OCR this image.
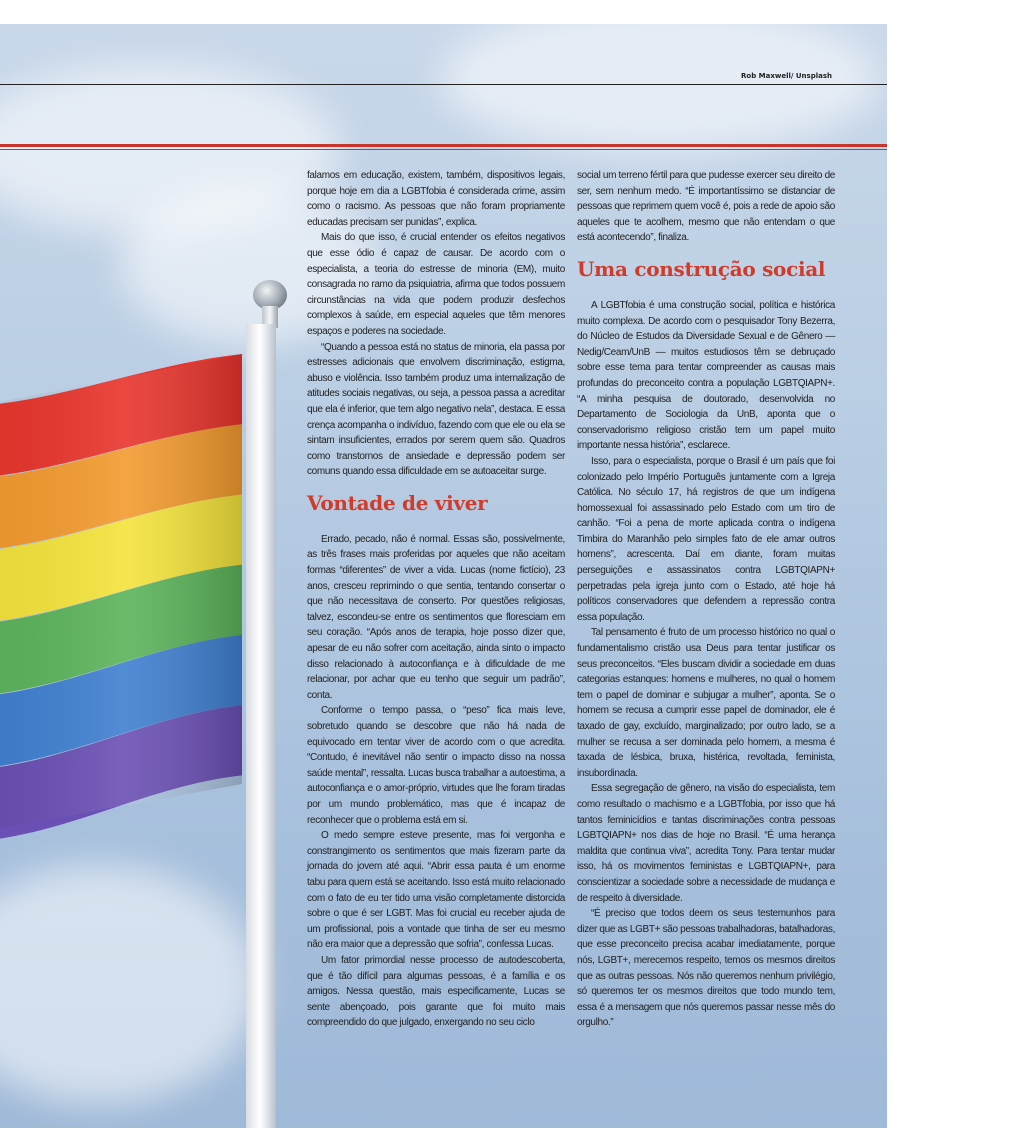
Rob Maxwell/ Unsplash

falamos em educação, existem, também, dispositivos legais, porque hoje em dia a LGBTfobia é considerada crime, assim como o racismo. As pessoas que não foram propriamente educadas precisam ser punidas”, explica.

Mais do que isso, é crucial entender os efeitos negativos que esse ódio é capaz de causar. De acordo com o especialista, a teoria do estresse de minoria (EM), muito consagrada no ramo da psiquiatria, afirma que todos possuem circunstâncias na vida que podem produzir desfechos complexos à saúde, em especial aqueles que têm menores espaços e poderes na sociedade.

“Quando a pessoa está no status de minoria, ela passa por estresses adicionais que envolvem discriminação, estigma, abuso e violência. Isso também produz uma internalização de atitudes sociais negativas, ou seja, a pessoa passa a acreditar que ela é inferior, que tem algo negativo nela”, destaca. E essa crença acompanha o indivíduo, fazendo com que ele ou ela se sintam insuficientes, errados por serem quem são. Quadros como transtornos de ansiedade e depressão podem ser comuns quando essa dificuldade em se autoaceitar surge.

Vontade de viver

Errado, pecado, não é normal. Essas são, possivelmente, as três frases mais proferidas por aqueles que não aceitam formas “diferentes” de viver a vida. Lucas (nome fictício), 23 anos, cresceu reprimindo o que sentia, tentando consertar o que não necessitava de conserto. Por questões religiosas, talvez, escondeu-se entre os sentimentos que floresciam em seu coração. “Após anos de terapia, hoje posso dizer que, apesar de eu não sofrer com aceitação, ainda sinto o impacto disso relacionado à autoconfiança e à dificuldade de me relacionar, por achar que eu tenho que seguir um padrão”, conta.

Conforme o tempo passa, o “peso” fica mais leve, sobretudo quando se descobre que não há nada de equivocado em tentar viver de acordo com o que acredita. “Contudo, é inevitável não sentir o impacto disso na nossa saúde mental”, ressalta. Lucas busca trabalhar a autoestima, a autoconfiança e o amor-próprio, virtudes que lhe foram tiradas por um mundo problemático, mas que é incapaz de reconhecer que o problema está em si.

O medo sempre esteve presente, mas foi vergonha e constrangimento os sentimentos que mais fizeram parte da jornada do jovem até aqui. “Abrir essa pauta é um enorme tabu para quem está se aceitando. Isso está muito relacionado com o fato de eu ter tido uma visão completamente distorcida sobre o que é ser LGBT. Mas foi crucial eu receber ajuda de um profissional, pois a vontade que tinha de ser eu mesmo não era maior que a depressão que sofria”, confessa Lucas.

Um fator primordial nesse processo de autodescoberta, que é tão difícil para algumas pessoas, é a família e os amigos. Nessa questão, mais especificamente, Lucas se sente abençoado, pois garante que foi muito mais compreendido do que julgado, enxergando no seu ciclo

social um terreno fértil para que pudesse exercer seu direito de ser, sem nenhum medo. “É importantíssimo se distanciar de pessoas que reprimem quem você é, pois a rede de apoio são aqueles que te acolhem, mesmo que não entendam o que está acontecendo”, finaliza.

Uma construção social

A LGBTfobia é uma construção social, política e histórica muito complexa. De acordo com o pesquisador Tony Bezerra, do Núcleo de Estudos da Diversidade Sexual e de Gênero — Nedig/Ceam/UnB — muitos estudiosos têm se debruçado sobre esse tema para tentar compreender as causas mais profundas do preconceito contra a população LGBTQIAPN+. “A minha pesquisa de doutorado, desenvolvida no Departamento de Sociologia da UnB, aponta que o conservadorismo religioso cristão tem um papel muito importante nessa história”, esclarece.

Isso, para o especialista, porque o Brasil é um país que foi colonizado pelo Império Português juntamente com a Igreja Católica. No século 17, há registros de que um indígena homossexual foi assassinado pelo Estado com um tiro de canhão. “Foi a pena de morte aplicada contra o indígena Timbira do Maranhão pelo simples fato de ele amar outros homens”, acrescenta. Daí em diante, foram muitas perseguições e assassinatos contra LGBTQIAPN+ perpetradas pela igreja junto com o Estado, até hoje há políticos conservadores que defendem a repressão contra essa população.

Tal pensamento é fruto de um processo histórico no qual o fundamentalismo cristão usa Deus para tentar justificar os seus preconceitos. “Eles buscam dividir a sociedade em duas categorias estanques: homens e mulheres, no qual o homem tem o papel de dominar e subjugar a mulher”, aponta. Se o homem se recusa a cumprir esse papel de dominador, ele é taxado de gay, excluído, marginalizado; por outro lado, se a mulher se recusa a ser dominada pelo homem, a mesma é taxada de lésbica, bruxa, histérica, revoltada, feminista, insubordinada.

Essa segregação de gênero, na visão do especialista, tem como resultado o machismo e a LGBTfobia, por isso que há tantos feminicídios e tantas discriminações contra pessoas LGBTQIAPN+ nos dias de hoje no Brasil. “É uma herança maldita que continua viva”, acredita Tony. Para tentar mudar isso, há os movimentos feministas e LGBTQIAPN+, para conscientizar a sociedade sobre a necessidade de mudança e de respeito à diversidade.

“É preciso que todos deem os seus testemunhos para dizer que as LGBT+ são pessoas trabalhadoras, batalhadoras, que esse preconceito precisa acabar imediatamente, porque nós, LGBT+, merecemos respeito, temos os mesmos direitos que as outras pessoas. Nós não queremos nenhum privilégio, só queremos ter os mesmos direitos que todo mundo tem, essa é a mensagem que nós queremos passar nesse mês do orgulho.”
